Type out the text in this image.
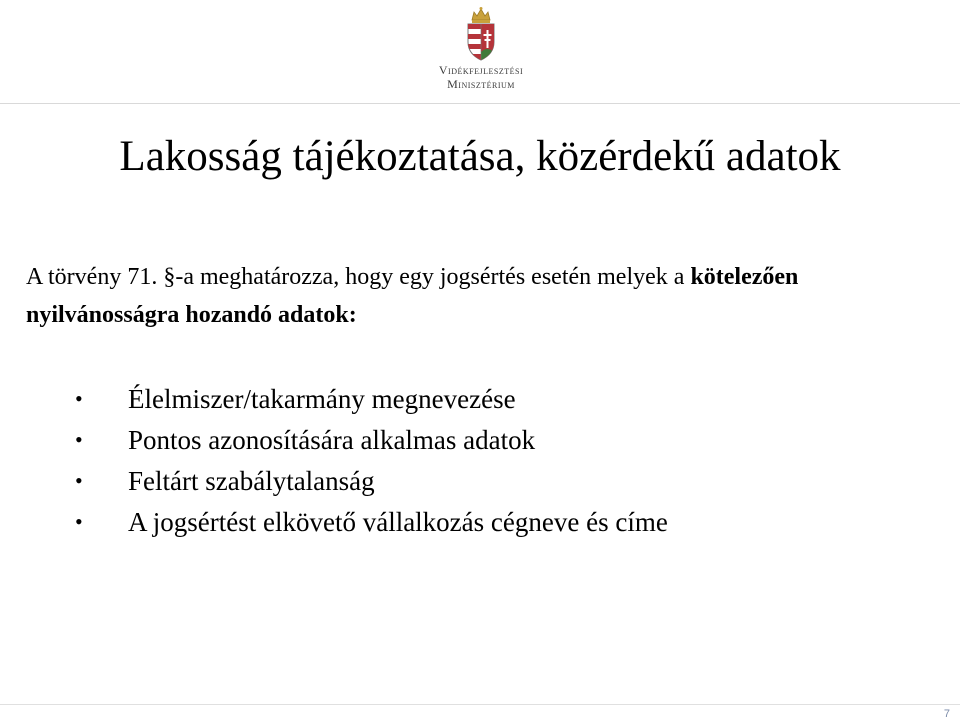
Vidékfejlesztési
Minisztérium
Lakosság tájékoztatása, közérdekű adatok

A törvény 71. §-a meghatározza, hogy egy jogsértés esetén melyek a kötelezően nyilvánosságra hozandó adatok:

• Élelmiszer/takarmány megnevezése
• Pontos azonosítására alkalmas adatok
• Feltárt szabálytalanság
• A jogsértést elkövető vállalkozás cégneve és címe
7
